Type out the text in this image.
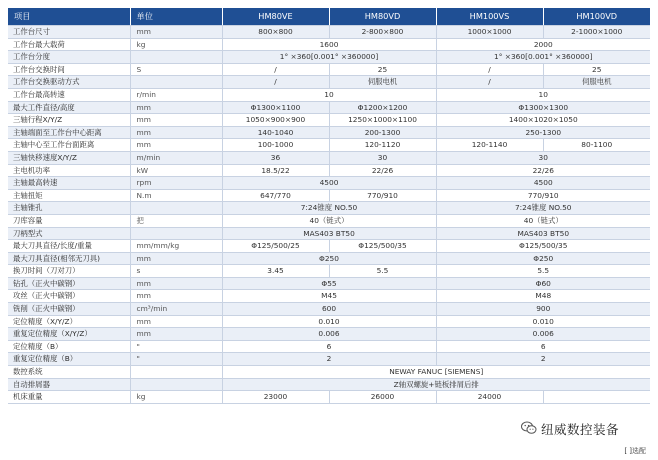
项目	单位	HM80VE	HM80VD	HM100VS	HM100VD
工作台尺寸	mm	800×800	2-800×800	1000×1000	2-1000×1000
工作台最大载荷	kg	1600		2000	
工作台分度		1° ×360[0.001° ×360000]		1° ×360[0.001° ×360000]	
工作台交换时间	S	/	25	/	25
工作台交换驱动方式		/	伺服电机	/	伺服电机
工作台最高转速	r/min	10		10	
最大工件直径/高度	mm	Φ1300×1100	Φ1200×1200	Φ1300×1300	
三轴行程X/Y/Z	mm	1050×900×900	1250×1000×1100	1400×1020×1050	
主轴端面至工作台中心距离	mm	140-1040	200-1300	250-1300	
主轴中心至工作台面距离	mm	100-1000	120-1120	120-1140	80-1100
三轴快移速度X/Y/Z	m/min	36	30	30	
主电机功率	kW	18.5/22	22/26	22/26	
主轴最高转速	rpm	4500		4500	
主轴扭矩	N.m	647/770	770/910	770/910	
主轴锥孔		7:24锥度 NO.50		7:24锥度 NO.50	
刀库容量	把	40（链式）		40（链式）	
刀柄型式		MAS403 BT50		MAS403 BT50	
最大刀具直径/长度/重量	mm/mm/kg	Φ125/500/25	Φ125/500/35	Φ125/500/35	
最大刀具直径(相邻无刀具)	mm	Φ250		Φ250	
换刀时间（刀对刀）	s	3.45	5.5	5.5	
钻孔（正火中碳钢）	mm	Φ55		Φ60	
攻丝（正火中碳钢）	mm	M45		M48	
铣削（正火中碳钢）	cm³/min	600		900	
定位精度（X/Y/Z）	mm	0.010		0.010	
重复定位精度（X/Y/Z）	mm	0.006		0.006	
定位精度（B）	"	6		6	
重复定位精度（B）	"	2		2	
数控系统		NEWAY FANUC [SIEMENS]			
自动排屑器		Z轴双螺旋+链板排屑后排			
机床重量	kg	23000	26000	24000	
纽威数控装备
[ ]选配
